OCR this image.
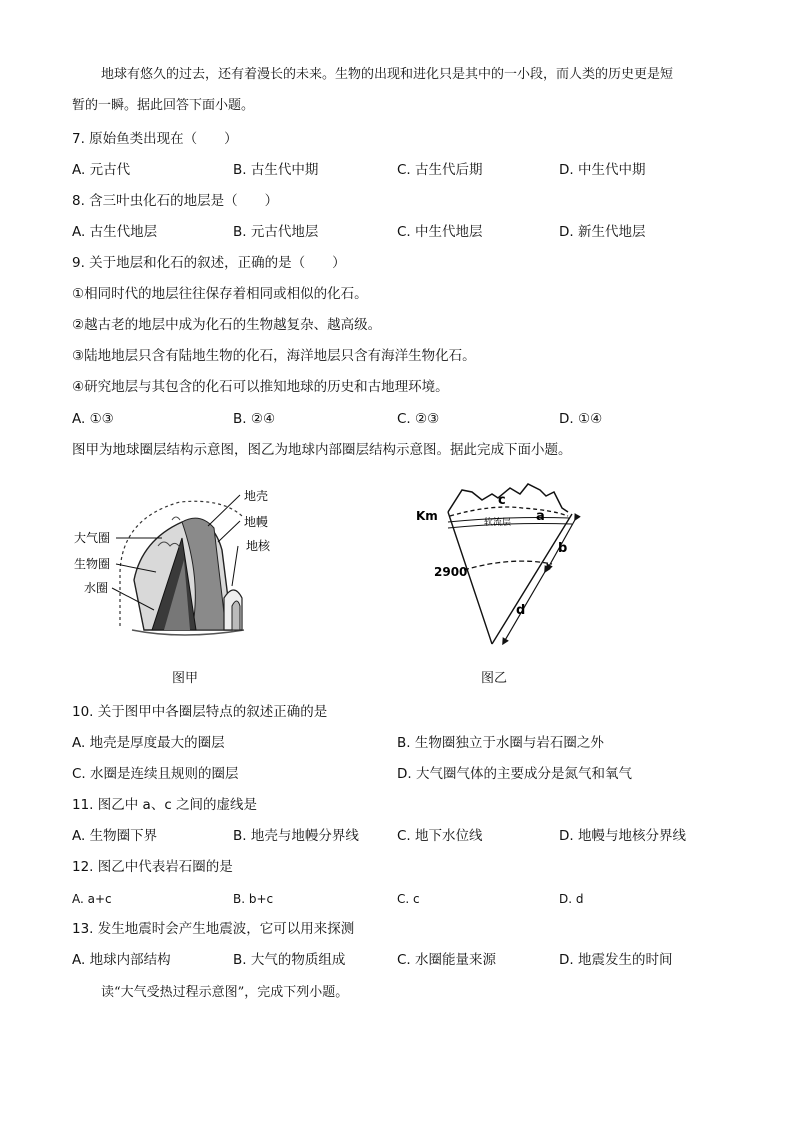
地球有悠久的过去，还有着漫长的未来。生物的出现和进化只是其中的一小段，而人类的历史更是短
暂的一瞬。据此回答下面小题。
7. 原始鱼类出现在（　　）
A. 元古代	B. 古生代中期	C. 古生代后期	D. 中生代中期
8. 含三叶虫化石的地层是（　　）
A. 古生代地层	B. 元古代地层	C. 中生代地层	D. 新生代地层
9. 关于地层和化石的叙述，正确的是（　　）
①相同时代的地层往往保存着相同或相似的化石。
②越古老的地层中成为化石的生物越复杂、越高级。
③陆地地层只含有陆地生物的化石，海洋地层只含有海洋生物化石。
④研究地层与其包含的化石可以推知地球的历史和古地理环境。
A. ①③	B. ②④	C. ②③	D. ①④
图甲为地球圈层结构示意图，图乙为地球内部圈层结构示意图。据此完成下面小题。
地壳
地幔
地核
大气圈
生物圈
水圈
图甲
Km	软流层
2900
c
a
b
d
图乙
10. 关于图甲中各圈层特点的叙述正确的是
A. 地壳是厚度最大的圈层	B. 生物圈独立于水圈与岩石圈之外
C. 水圈是连续且规则的圈层	D. 大气圈气体的主要成分是氮气和氧气
11. 图乙中 a、c 之间的虚线是
A. 生物圈下界	B. 地壳与地幔分界线	C. 地下水位线	D. 地幔与地核分界线
12. 图乙中代表岩石圈的是
A. a+c	B. b+c	C. c	D. d
13. 发生地震时会产生地震波，它可以用来探测
A. 地球内部结构	B. 大气的物质组成	C. 水圈能量来源	D. 地震发生的时间
读“大气受热过程示意图”，完成下列小题。
